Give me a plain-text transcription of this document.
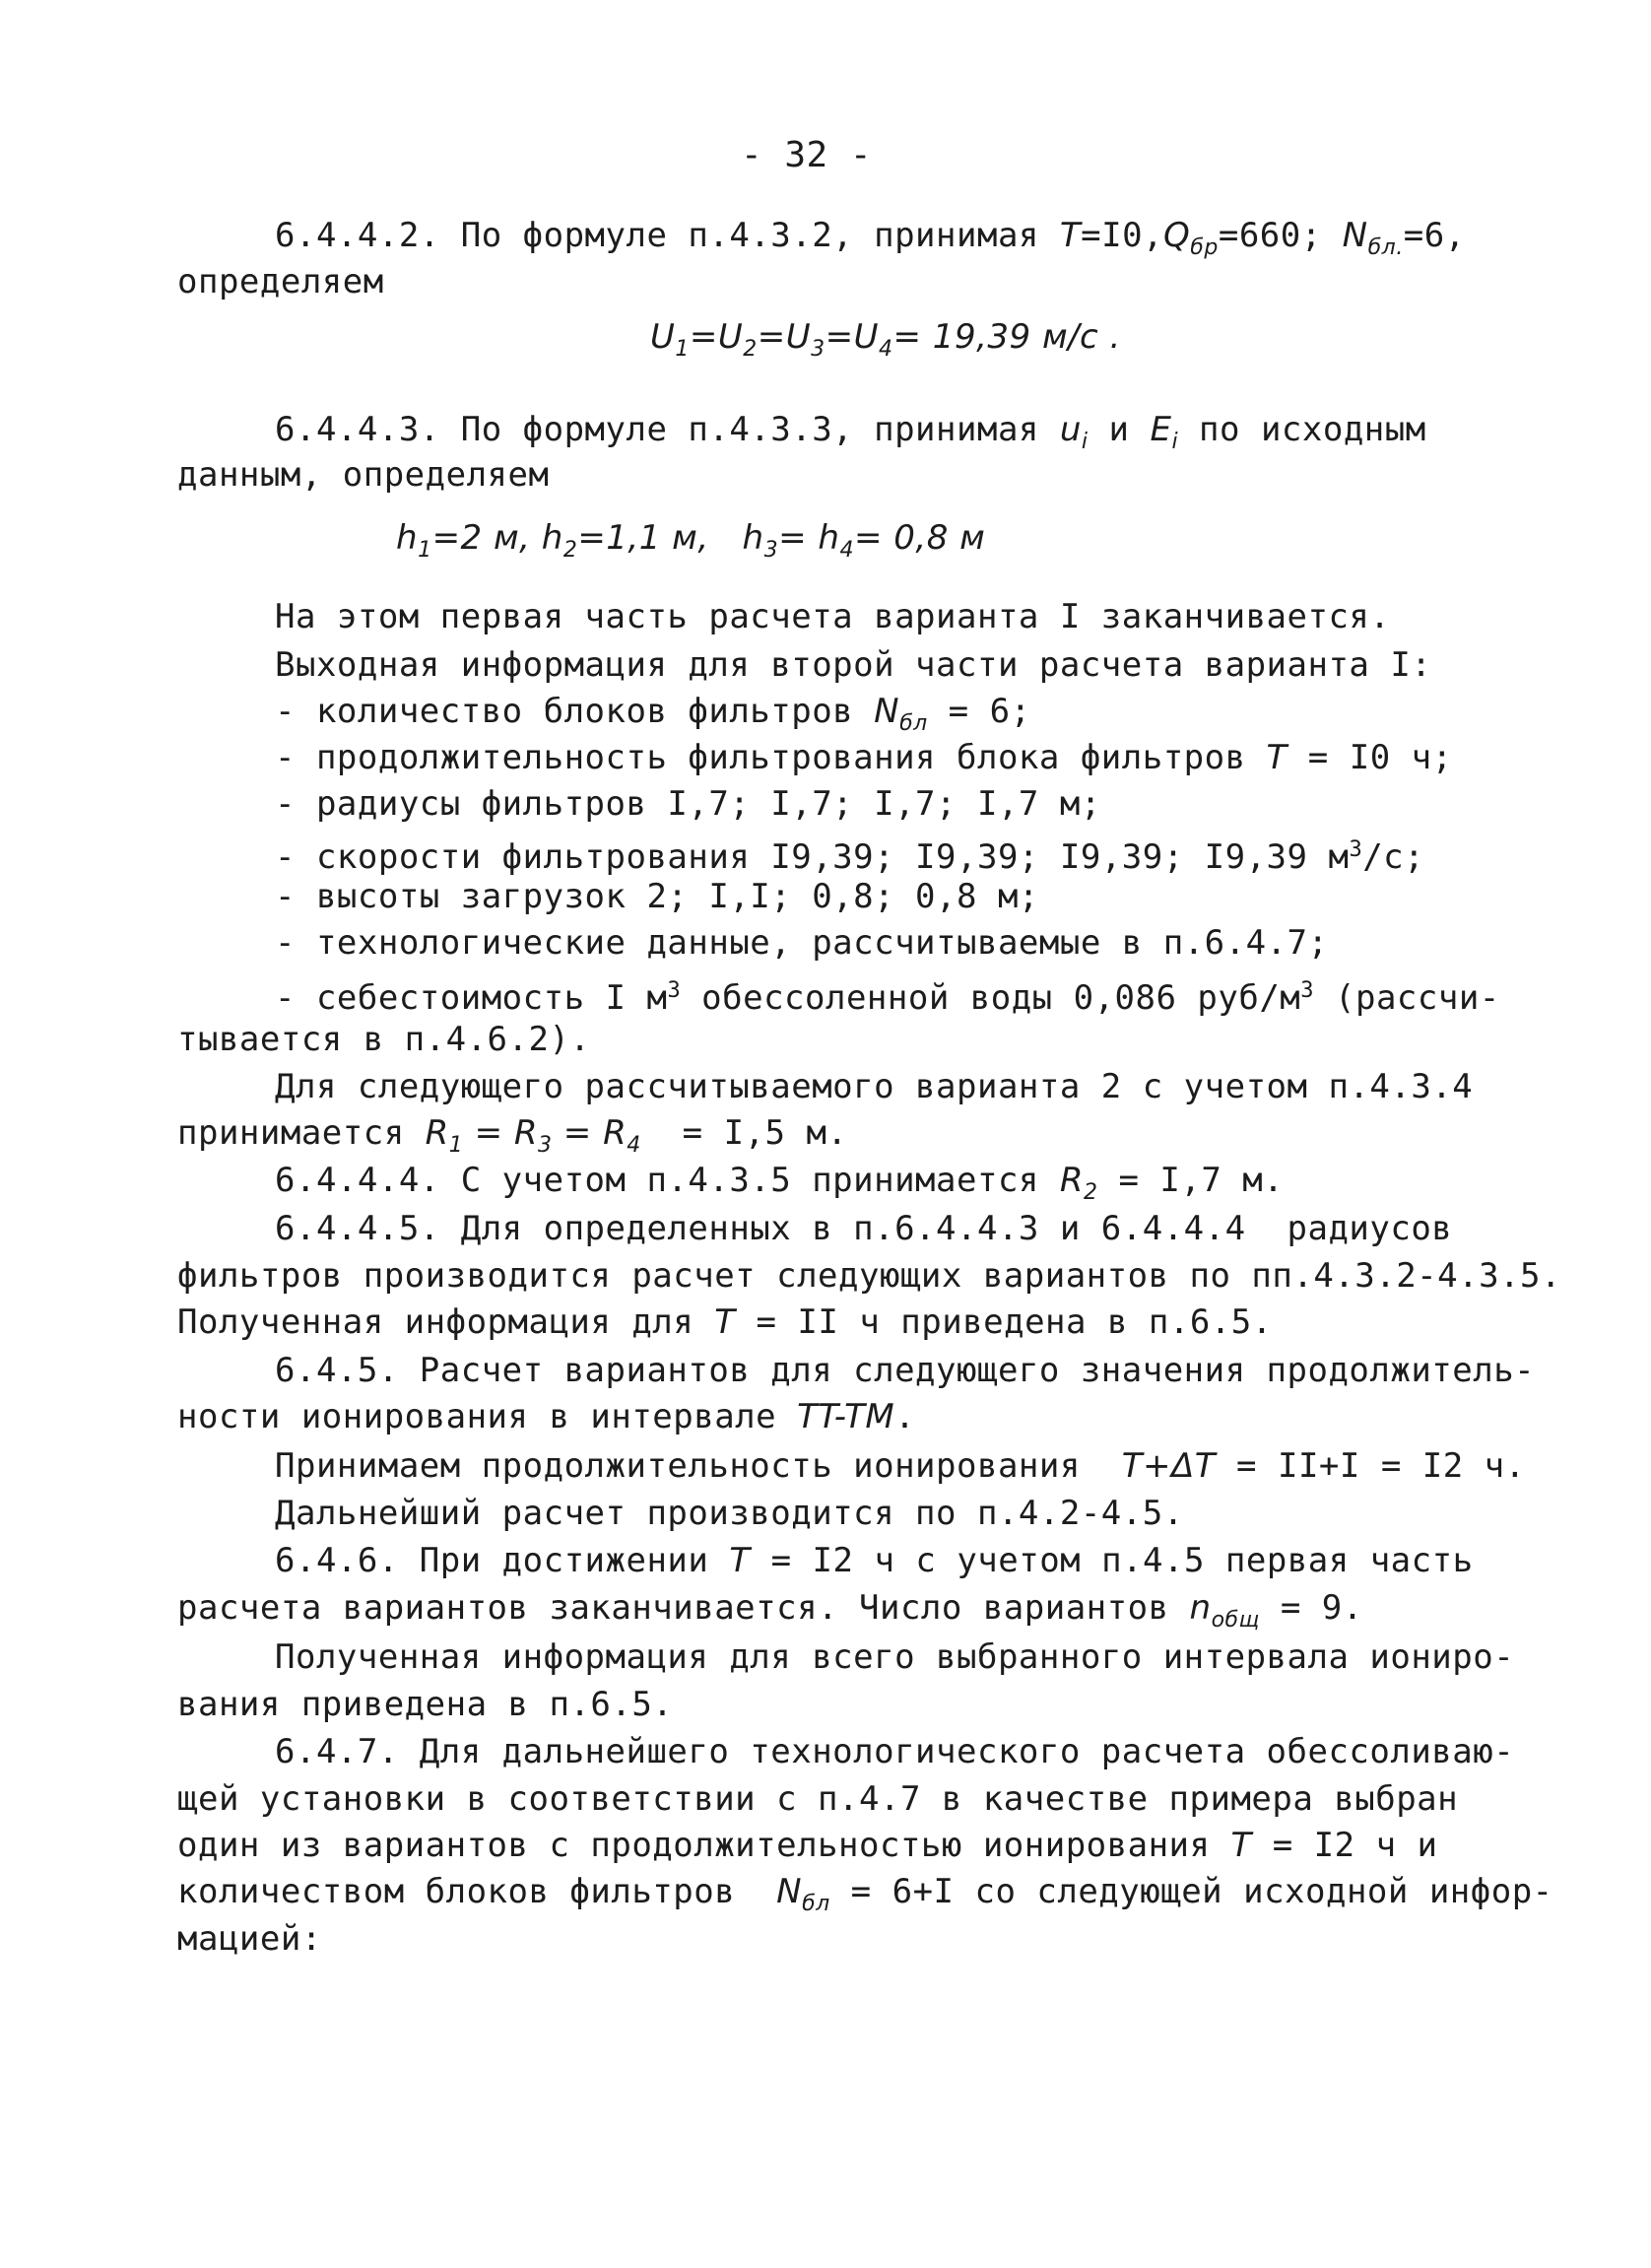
- 32 -
6.4.4.2. По формуле п.4.3.2, принимая $T=I0,Q_{бр}=660$; $N_{бл.}=6$,
определяем
$U_1=U_2=U_3=U_4= 19,39$ м/с .
6.4.4.3. По формуле п.4.3.3, принимая $u_i$ и $E_i$ по исходным
данным, определяем
$h_1=2$ м, $h_2=1,1$ м,   $h_3= h_4= 0,8$ м
На этом первая часть расчета варианта I заканчивается.
Выходная информация для второй части расчета варианта I:
- количество блоков фильтров $N_{бл} = 6$;
- продолжительность фильтрования блока фильтров T = I0 ч;
- радиусы фильтров I,7; I,7; I,7; I,7 м;
- скорости фильтрования I9,39; I9,39; I9,39; I9,39 $м^3/с$;
- высоты загрузок 2; I,I; 0,8; 0,8 м;
- технологические данные, рассчитываемые в п.6.4.7;
- себестоимость I $м^3$ обессоленной воды 0,086 руб/$м^3$ (рассчи-
тывается в п.4.6.2).
Для следующего рассчитываемого варианта 2 с учетом п.4.3.4
принимается $R_1 = R_3 = R_4 = I,5$ м.
6.4.4.4. С учетом п.4.3.5 принимается $R_2 = I,7$ м.
6.4.4.5. Для определенных в п.6.4.4.3 и 6.4.4.4  радиусов
фильтров производится расчет следующих вариантов по пп.4.3.2-4.3.5.
Полученная информация для T = II ч приведена в п.6.5.
6.4.5. Расчет вариантов для следующего значения продолжитель-
ности ионирования в интервале TT-TM.
Принимаем продолжительность ионирования  T+ΔT = II+I = I2 ч.
Дальнейший расчет производится по п.4.2-4.5.
6.4.6. При достижении T = I2 ч с учетом п.4.5 первая часть
расчета вариантов заканчивается. Число вариантов $n_{общ} = 9$.
Полученная информация для всего выбранного интервала иониро-
вания приведена в п.6.5.
6.4.7. Для дальнейшего технологического расчета обессоливаю-
щей установки в соответствии с п.4.7 в качестве примера выбран
один из вариантов с продолжительностью ионирования T = I2 ч и
количеством блоков фильтров  $N_{бл} = 6+I$ со следующей исходной инфор-
мацией:
